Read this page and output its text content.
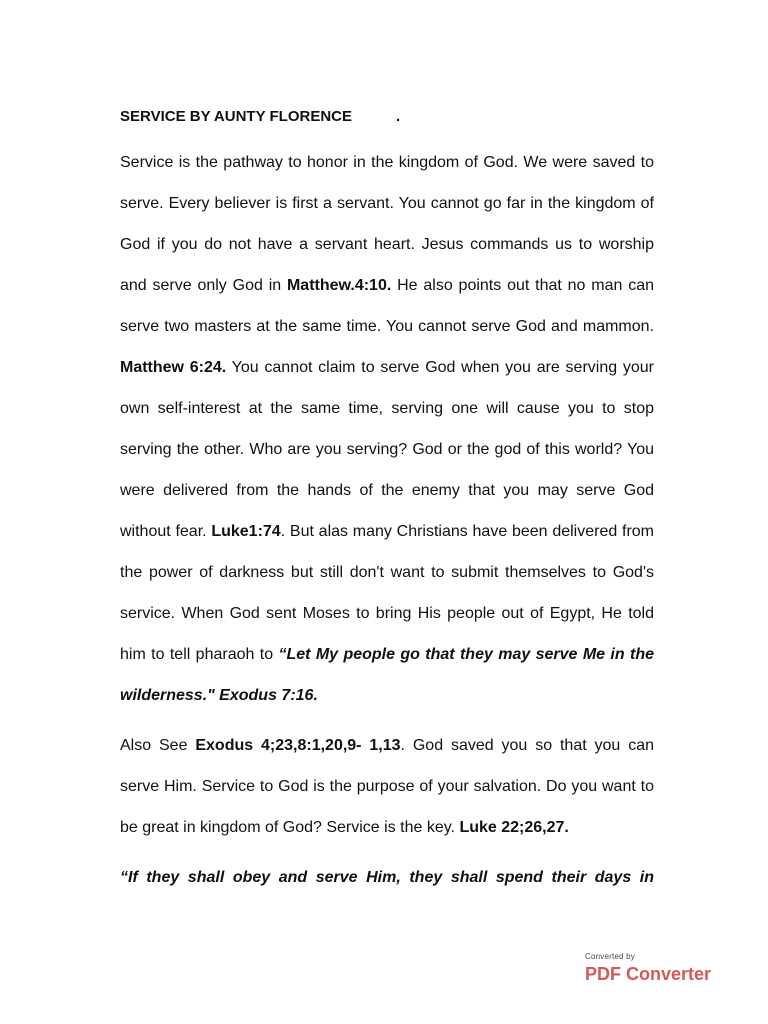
SERVICE BY AUNTY FLORENCE	.

Service is the pathway to honor in the kingdom of God. We were saved to serve. Every believer is first a servant. You cannot go far in the kingdom of God if you do not have a servant heart. Jesus commands us to worship and serve only God in Matthew.4:10. He also points out that no man can serve two masters at the same time. You cannot serve God and mammon. Matthew 6:24. You cannot claim to serve God when you are serving your own self-interest at the same time, serving one will cause you to stop serving the other. Who are you serving? God or the god of this world? You were delivered from the hands of the enemy that you may serve God without fear. Luke1:74. But alas many Christians have been delivered from the power of darkness but still don't want to submit themselves to God's service. When God sent Moses to bring His people out of Egypt, He told him to tell pharaoh to “Let My people go that they may serve Me in the wilderness." Exodus 7:16.

Also See Exodus 4;23,8:1,20,9- 1,13. God saved you so that you can serve Him. Service to God is the purpose of your salvation. Do you want to be great in kingdom of God? Service is the key. Luke 22;26,27.

“If they shall obey and serve Him, they shall spend their days in

Converted by
PDF Converter
